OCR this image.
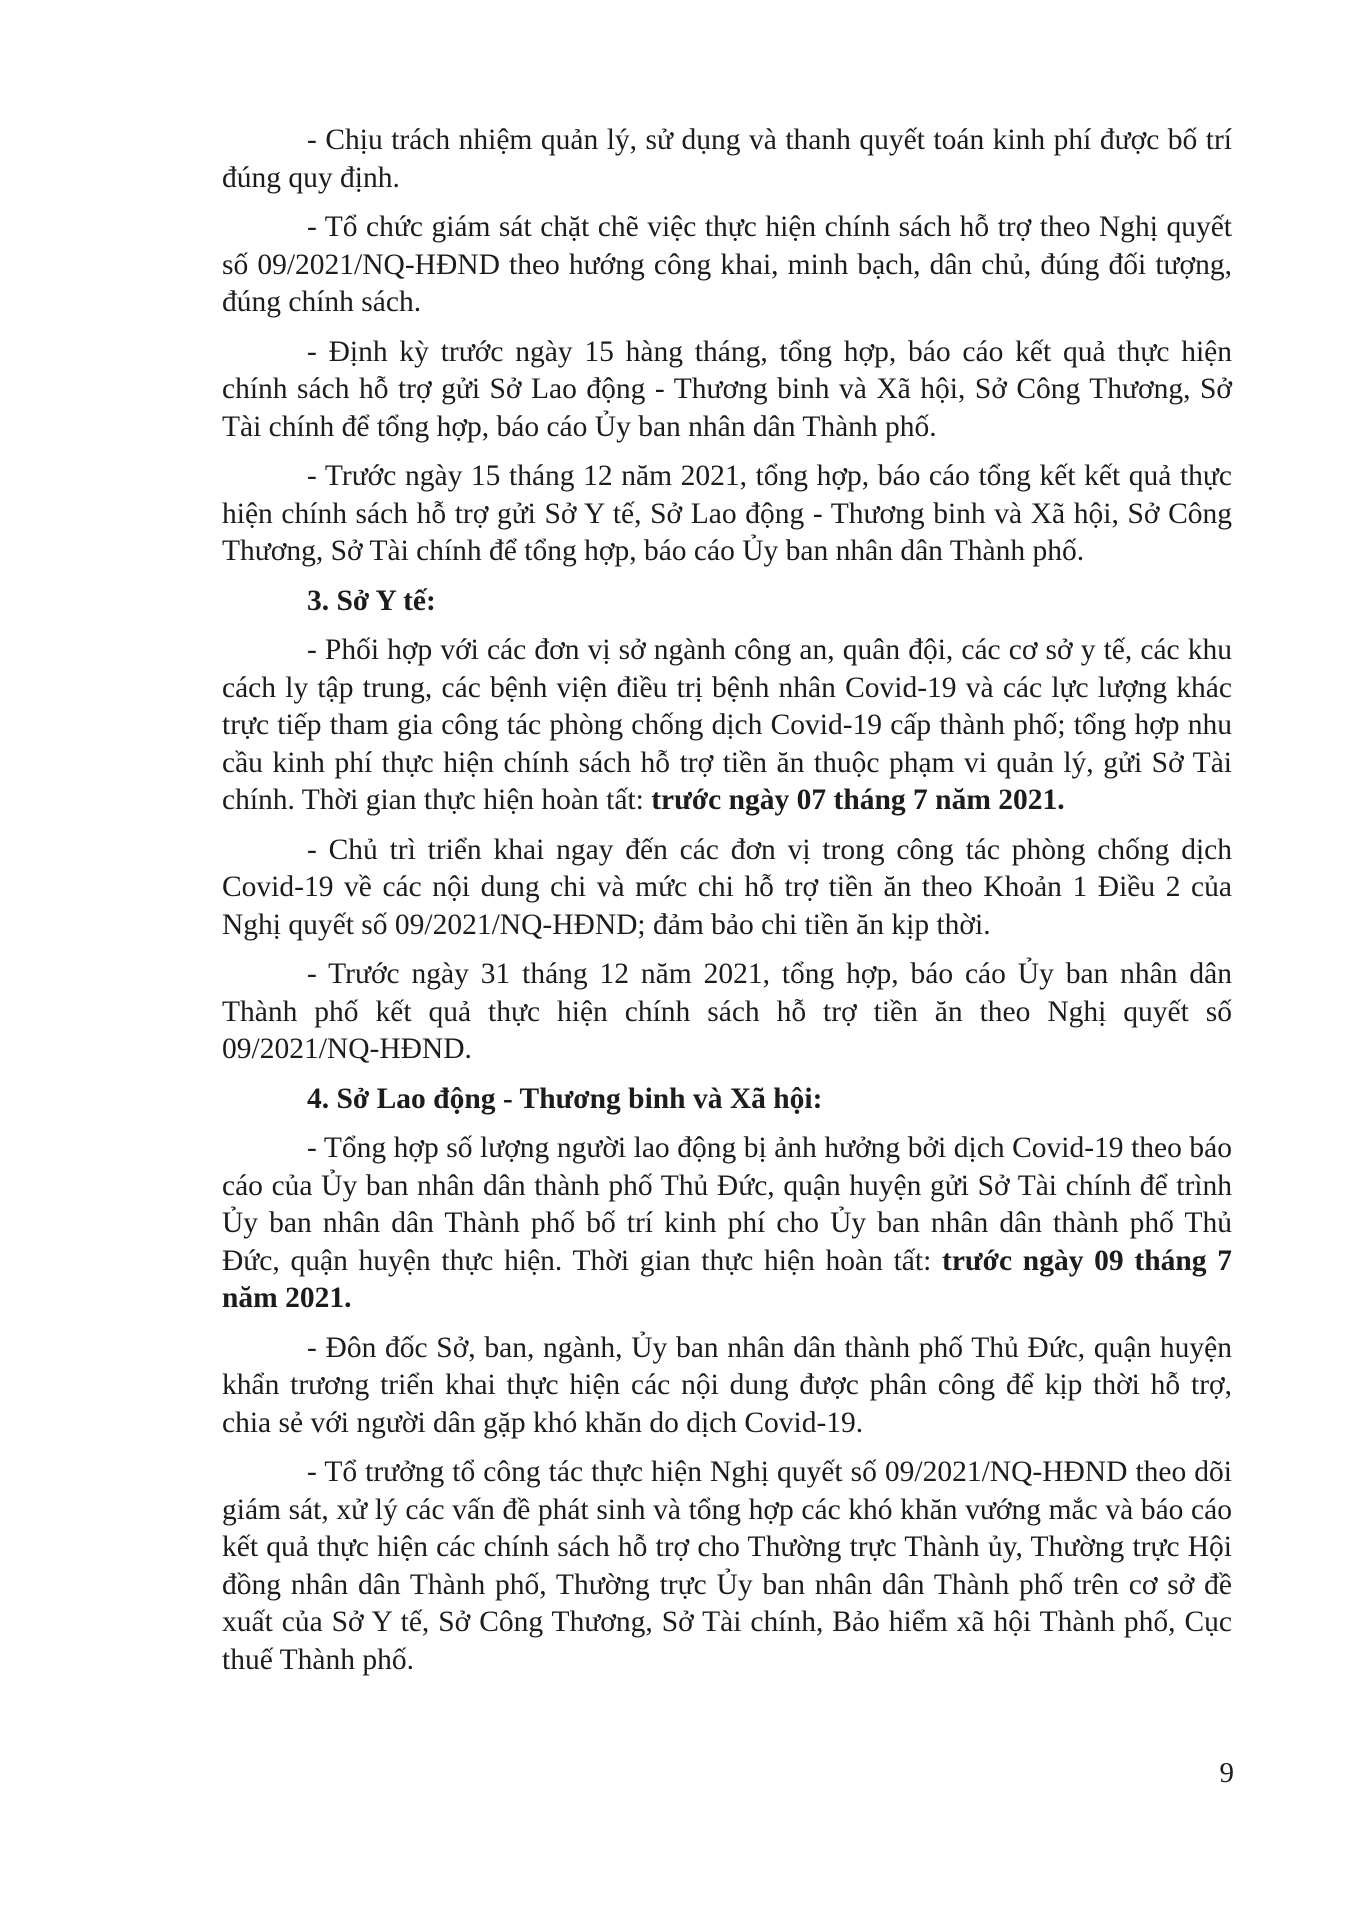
- Chịu trách nhiệm quản lý, sử dụng và thanh quyết toán kinh phí được bố trí đúng quy định.

- Tổ chức giám sát chặt chẽ việc thực hiện chính sách hỗ trợ theo Nghị quyết số 09/2021/NQ-HĐND theo hướng công khai, minh bạch, dân chủ, đúng đối tượng, đúng chính sách.

- Định kỳ trước ngày 15 hàng tháng, tổng hợp, báo cáo kết quả thực hiện chính sách hỗ trợ gửi Sở Lao động - Thương binh và Xã hội, Sở Công Thương, Sở Tài chính để tổng hợp, báo cáo Ủy ban nhân dân Thành phố.

- Trước ngày 15 tháng 12 năm 2021, tổng hợp, báo cáo tổng kết kết quả thực hiện chính sách hỗ trợ gửi Sở Y tế, Sở Lao động - Thương binh và Xã hội, Sở Công Thương, Sở Tài chính để tổng hợp, báo cáo Ủy ban nhân dân Thành phố.

3. Sở Y tế:

- Phối hợp với các đơn vị sở ngành công an, quân đội, các cơ sở y tế, các khu cách ly tập trung, các bệnh viện điều trị bệnh nhân Covid-19 và các lực lượng khác trực tiếp tham gia công tác phòng chống dịch Covid-19 cấp thành phố; tổng hợp nhu cầu kinh phí thực hiện chính sách hỗ trợ tiền ăn thuộc phạm vi quản lý, gửi Sở Tài chính. Thời gian thực hiện hoàn tất: trước ngày 07 tháng 7 năm 2021.

- Chủ trì triển khai ngay đến các đơn vị trong công tác phòng chống dịch Covid-19 về các nội dung chi và mức chi hỗ trợ tiền ăn theo Khoản 1 Điều 2 của Nghị quyết số 09/2021/NQ-HĐND; đảm bảo chi tiền ăn kịp thời.

- Trước ngày 31 tháng 12 năm 2021, tổng hợp, báo cáo Ủy ban nhân dân Thành phố kết quả thực hiện chính sách hỗ trợ tiền ăn theo Nghị quyết số 09/2021/NQ-HĐND.

4. Sở Lao động - Thương binh và Xã hội:

- Tổng hợp số lượng người lao động bị ảnh hưởng bởi dịch Covid-19 theo báo cáo của Ủy ban nhân dân thành phố Thủ Đức, quận huyện gửi Sở Tài chính để trình Ủy ban nhân dân Thành phố bố trí kinh phí cho Ủy ban nhân dân thành phố Thủ Đức, quận huyện thực hiện. Thời gian thực hiện hoàn tất: trước ngày 09 tháng 7 năm 2021.

- Đôn đốc Sở, ban, ngành, Ủy ban nhân dân thành phố Thủ Đức, quận huyện khẩn trương triển khai thực hiện các nội dung được phân công để kịp thời hỗ trợ, chia sẻ với người dân gặp khó khăn do dịch Covid-19.

- Tổ trưởng tổ công tác thực hiện Nghị quyết số 09/2021/NQ-HĐND theo dõi giám sát, xử lý các vấn đề phát sinh và tổng hợp các khó khăn vướng mắc và báo cáo kết quả thực hiện các chính sách hỗ trợ cho Thường trực Thành ủy, Thường trực Hội đồng nhân dân Thành phố, Thường trực Ủy ban nhân dân Thành phố trên cơ sở đề xuất của Sở Y tế, Sở Công Thương, Sở Tài chính, Bảo hiểm xã hội Thành phố, Cục thuế Thành phố.

9
